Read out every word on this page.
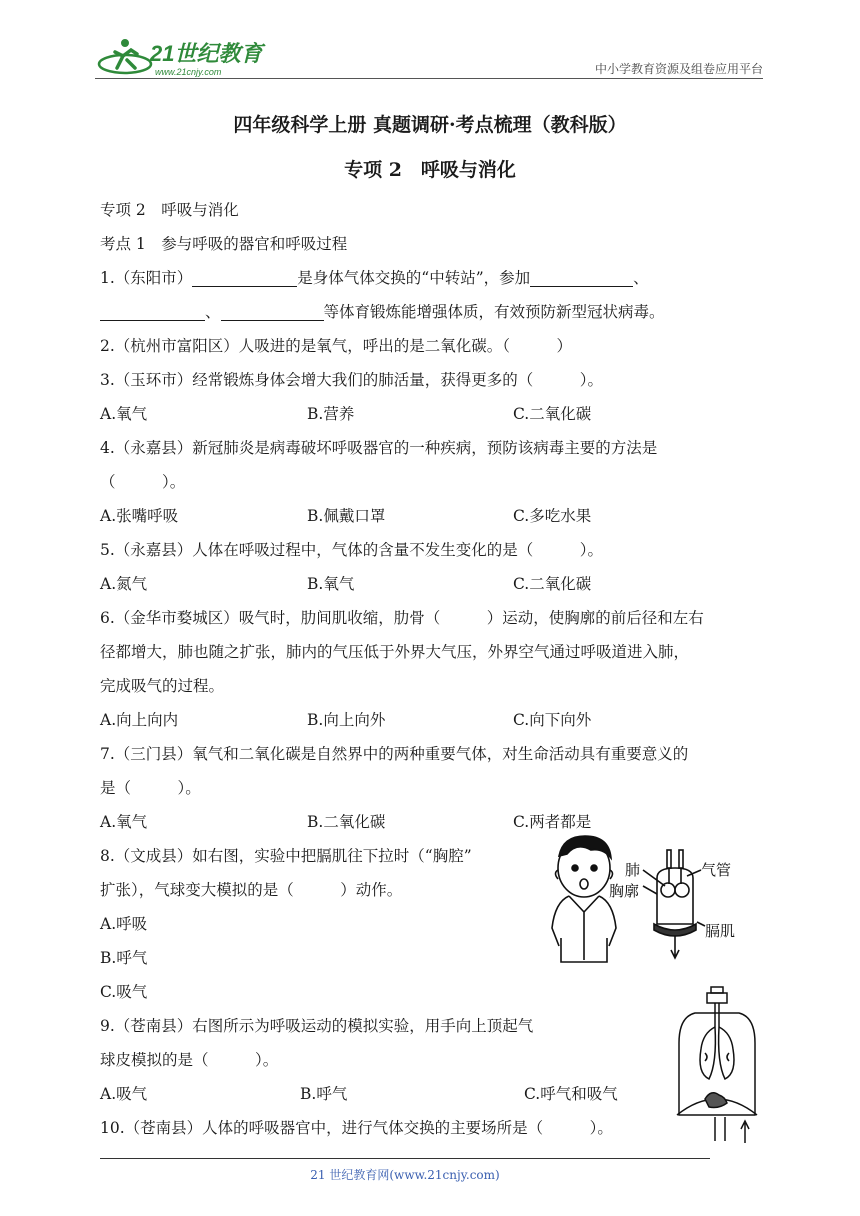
21世纪教育
www.21cnjy.com	中小学教育资源及组卷应用平台
四年级科学上册 真题调研·考点梳理（教科版）
专项 2　呼吸与消化
专项 2　呼吸与消化
考点 1　参与呼吸的器官和呼吸过程
1.（东阳市）	是身体气体交换的“中转站”，参加	、
、	等体育锻炼能增强体质，有效预防新型冠状病毒。
2.（杭州市富阳区）人吸进的是氧气，呼出的是二氧化碳。（　　　）
3.（玉环市）经常锻炼身体会增大我们的肺活量，获得更多的（　　　）。
A.氧气	B.营养	C.二氧化碳
4.（永嘉县）新冠肺炎是病毒破坏呼吸器官的一种疾病，预防该病毒主要的方法是
（　　　）。
A.张嘴呼吸	B.佩戴口罩	C.多吃水果
5.（永嘉县）人体在呼吸过程中，气体的含量不发生变化的是（　　　）。
A.氮气	B.氧气	C.二氧化碳
6.（金华市婺城区）吸气时，肋间肌收缩，肋骨（　　　）运动，使胸廓的前后径和左右
径都增大，肺也随之扩张，肺内的气压低于外界大气压，外界空气通过呼吸道进入肺，
完成吸气的过程。
A.向上向内	B.向上向外	C.向下向外
7.（三门县）氧气和二氧化碳是自然界中的两种重要气体，对生命活动具有重要意义的
是（　　　）。
A.氧气	B.二氧化碳	C.两者都是
8.（文成县）如右图，实验中把膈肌往下拉时（“胸腔”
扩张），气球变大模拟的是（　　　）动作。
A.呼吸
B.呼气
C.吸气
9.（苍南县）右图所示为呼吸运动的模拟实验，用手向上顶起气
球皮模拟的是（　　　）。
A.吸气	B.呼气	C.呼气和吸气
10.（苍南县）人体的呼吸器官中，进行气体交换的主要场所是（　　　）。
肺
胸廓
气管
膈肌
21 世纪教育网(www.21cnjy.com)
